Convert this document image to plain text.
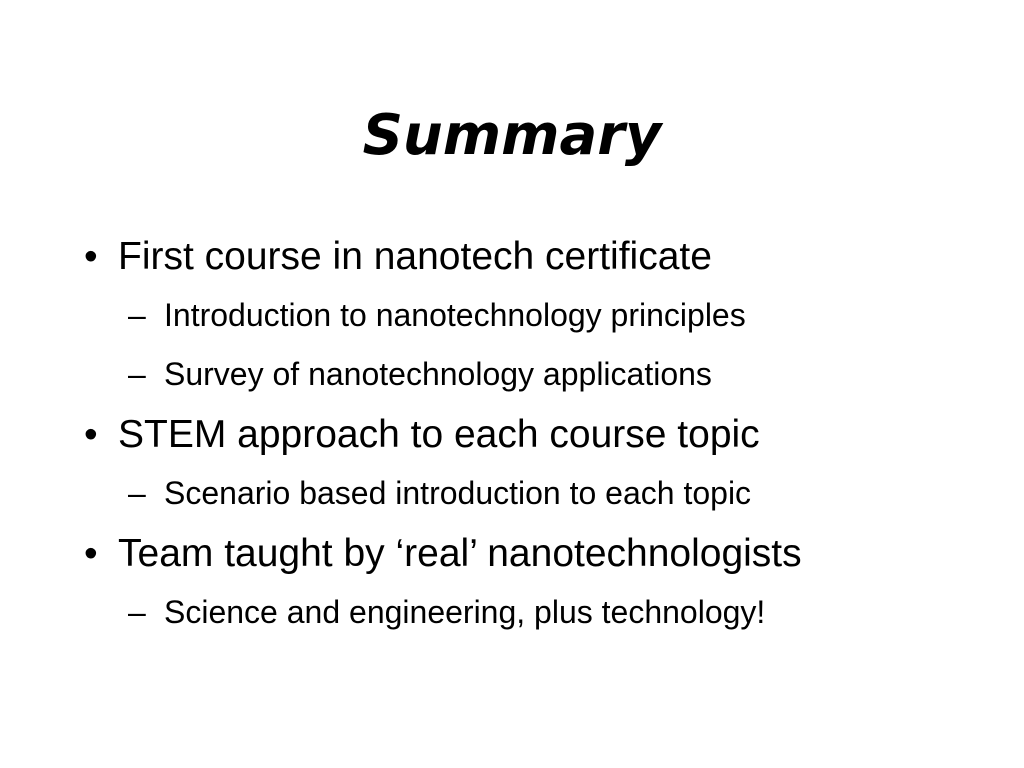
Summary
• First course in nanotech certificate
– Introduction to nanotechnology principles
– Survey of nanotechnology applications
• STEM approach to each course topic
– Scenario based introduction to each topic
• Team taught by ‘real’ nanotechnologists
– Science and engineering, plus technology!
